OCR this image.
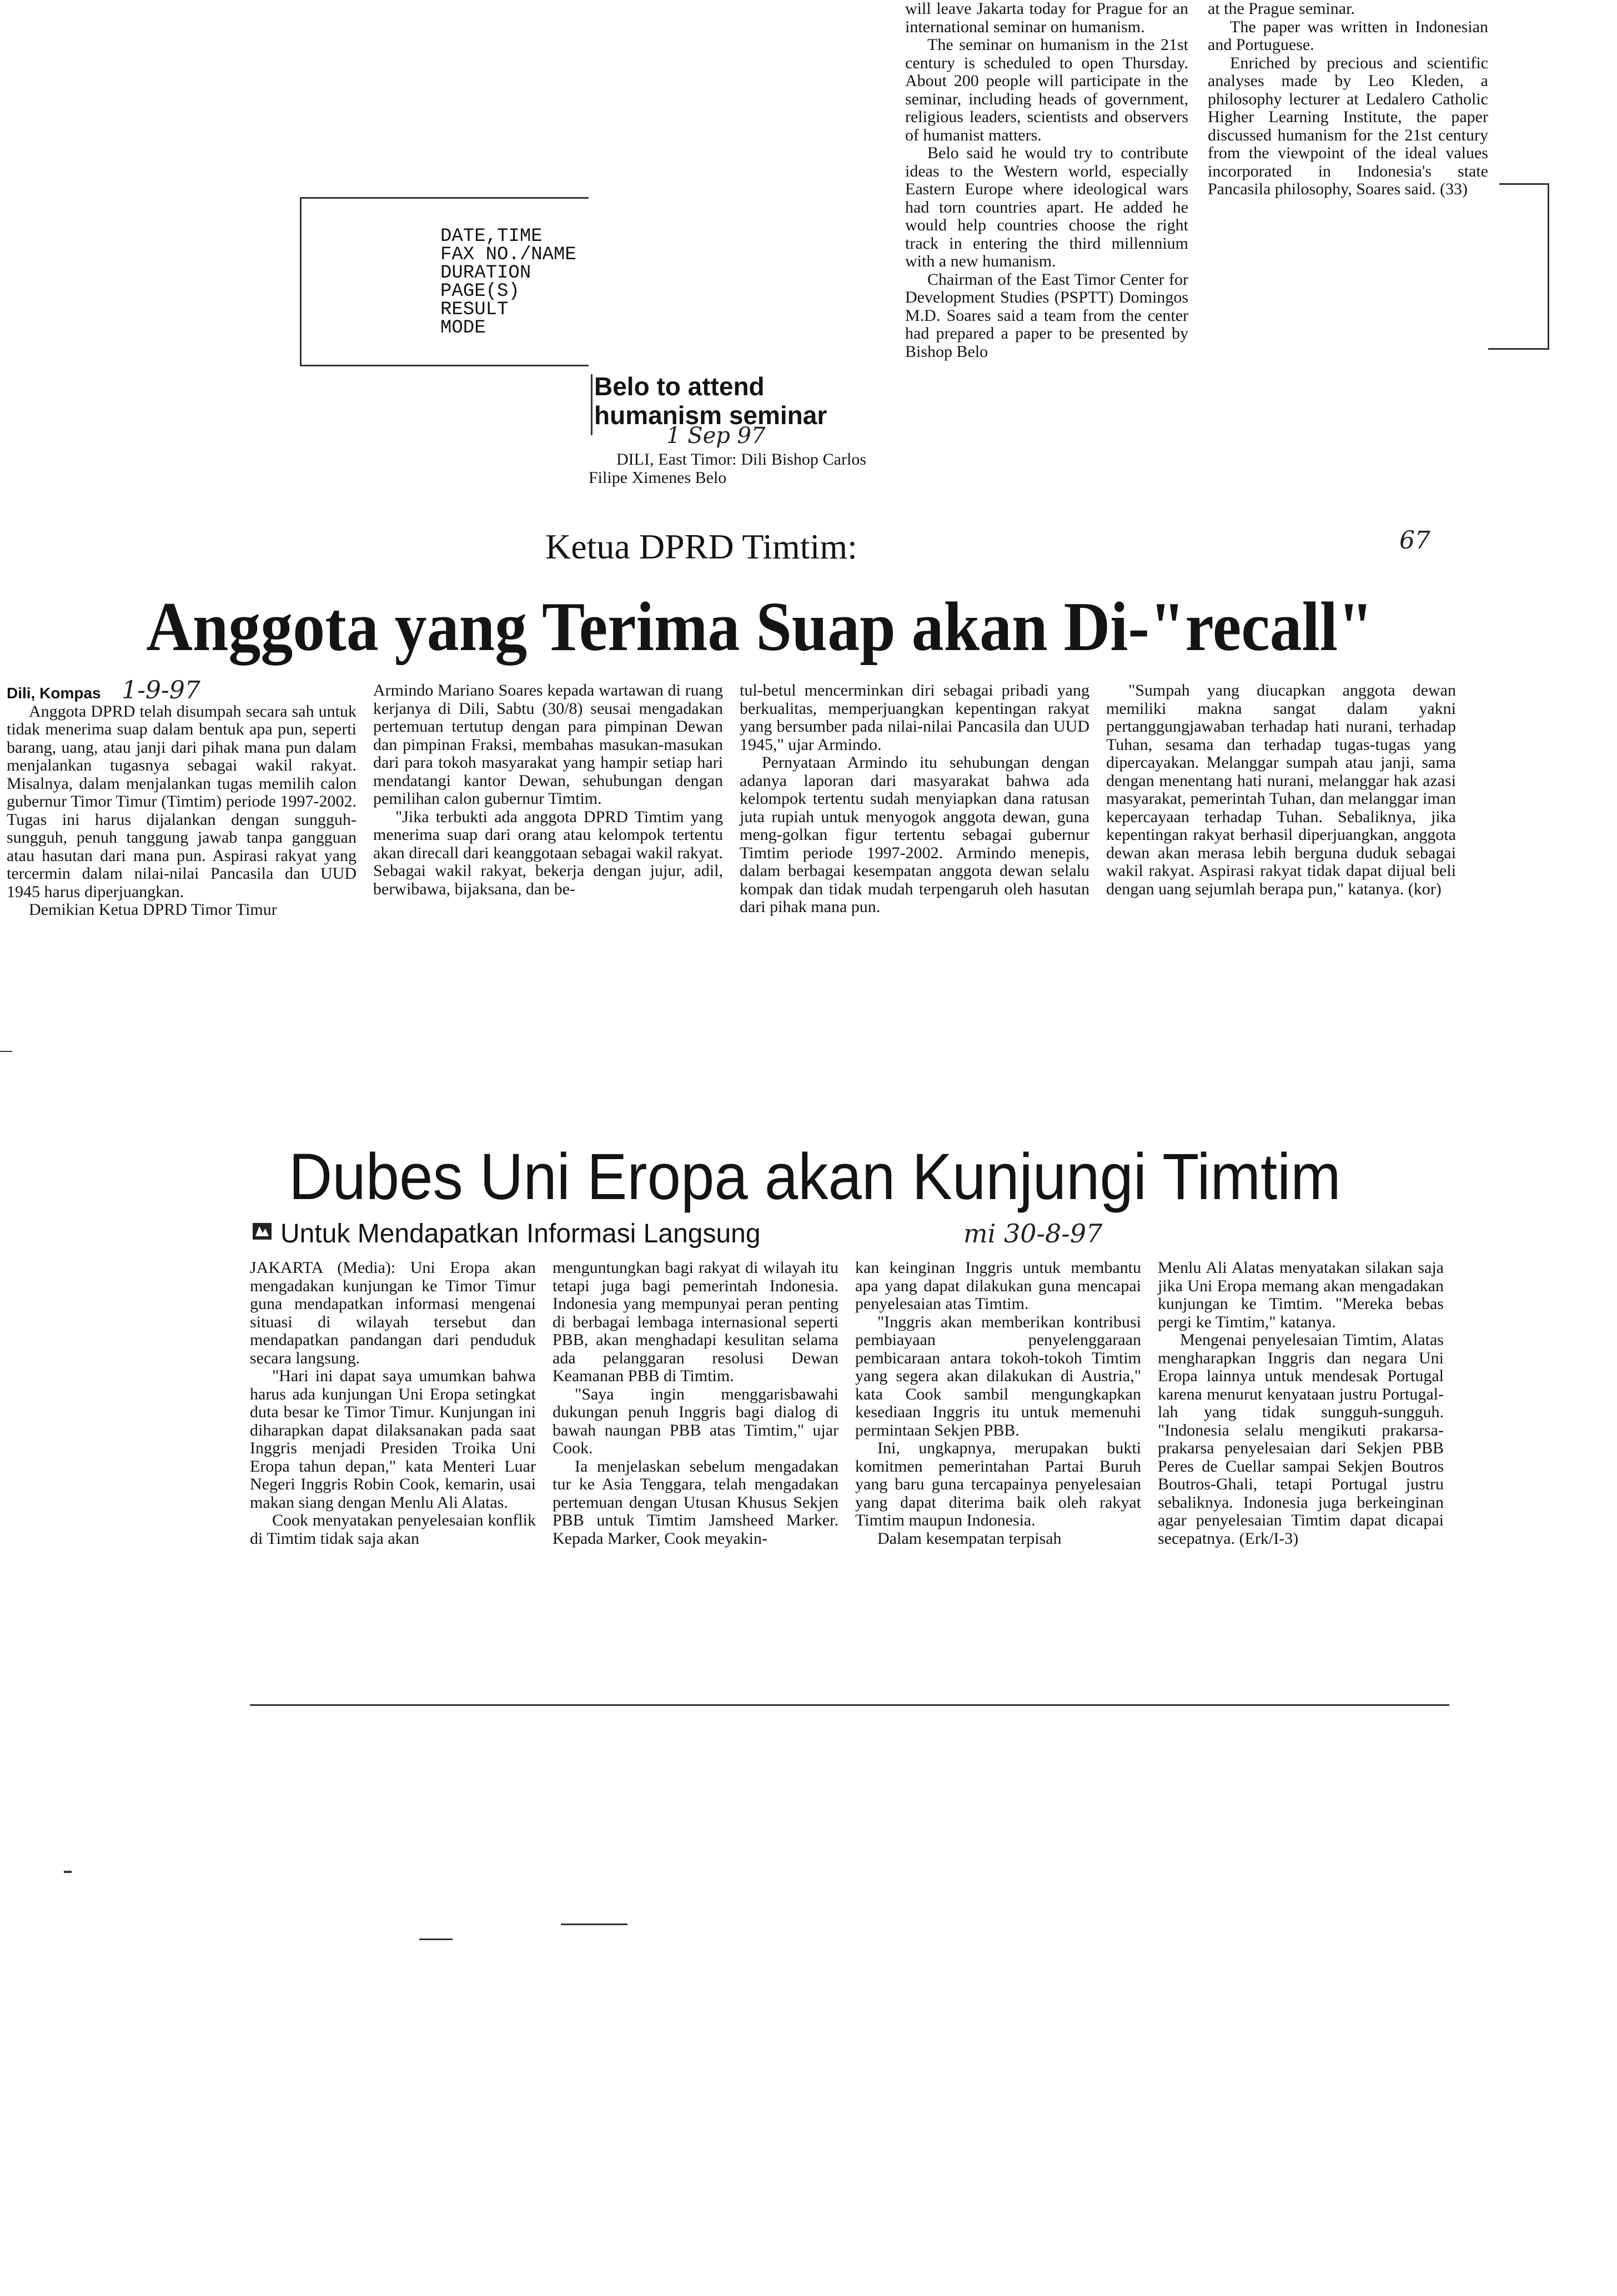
DATE,TIME
FAX NO./NAME
DURATION
PAGE(S)
RESULT
MODE
Belo to attend
humanism seminar
1 Sep 97

DILI, East Timor: Dili Bishop Carlos Filipe Ximenes Belo

will leave Jakarta today for Prague for an international seminar on humanism.

The seminar on humanism in the 21st century is scheduled to open Thursday. About 200 people will participate in the seminar, including heads of government, religious leaders, scientists and observers of humanist matters.

Belo said he would try to contribute ideas to the Western world, especially Eastern Europe where ideological wars had torn countries apart. He added he would help countries choose the right track in entering the third millennium with a new humanism.

Chairman of the East Timor Center for Development Studies (PSPTT) Domingos M.D. Soares said a team from the center had prepared a paper to be presented by Bishop Belo

at the Prague seminar.

The paper was written in Indonesian and Portuguese.

Enriched by precious and scientific analyses made by Leo Kleden, a philosophy lecturer at Ledalero Catholic Higher Learning Institute, the paper discussed humanism for the 21st century from the viewpoint of the ideal values incorporated in Indonesia's state Pancasila philosophy, Soares said. (33)

67
Ketua DPRD Timtim:
Anggota yang Terima Suap akan Di-"recall"

Dili, Kompas 1-9-97

Anggota DPRD telah disumpah secara sah untuk tidak menerima suap dalam bentuk apa pun, seperti barang, uang, atau janji dari pihak mana pun dalam menjalankan tugasnya sebagai wakil rakyat. Misalnya, dalam menjalankan tugas memilih calon gubernur Timor Timur (Timtim) periode 1997-2002. Tugas ini harus dijalankan dengan sungguh-sungguh, penuh tanggung jawab tanpa gangguan atau hasutan dari mana pun. Aspirasi rakyat yang tercermin dalam nilai-nilai Pancasila dan UUD 1945 harus diperjuangkan.

Demikian Ketua DPRD Timor Timur

Armindo Mariano Soares kepada wartawan di ruang kerjanya di Dili, Sabtu (30/8) seusai mengadakan pertemuan tertutup dengan para pimpinan Dewan dan pimpinan Fraksi, membahas masukan-masukan dari para tokoh masyarakat yang hampir setiap hari mendatangi kantor Dewan, sehubungan dengan pemilihan calon gubernur Timtim.

"Jika terbukti ada anggota DPRD Timtim yang menerima suap dari orang atau kelompok tertentu akan direcall dari keanggotaan sebagai wakil rakyat. Sebagai wakil rakyat, bekerja dengan jujur, adil, berwibawa, bijaksana, dan be-

tul-betul mencerminkan diri sebagai pribadi yang berkualitas, memperjuangkan kepentingan rakyat yang bersumber pada nilai-nilai Pancasila dan UUD 1945," ujar Armindo.

Pernyataan Armindo itu sehubungan dengan adanya laporan dari masyarakat bahwa ada kelompok tertentu sudah menyiapkan dana ratusan juta rupiah untuk menyogok anggota dewan, guna meng-golkan figur tertentu sebagai gubernur Timtim periode 1997-2002. Armindo menepis, dalam berbagai kesempatan anggota dewan selalu kompak dan tidak mudah terpengaruh oleh hasutan dari pihak mana pun.

"Sumpah yang diucapkan anggota dewan memiliki makna sangat dalam yakni pertanggungjawaban terhadap hati nurani, terhadap Tuhan, sesama dan terhadap tugas-tugas yang dipercayakan. Melanggar sumpah atau janji, sama dengan menentang hati nurani, melanggar hak azasi masyarakat, pemerintah Tuhan, dan melanggar iman kepercayaan terhadap Tuhan. Sebaliknya, jika kepentingan rakyat berhasil diperjuangkan, anggota dewan akan merasa lebih berguna duduk sebagai wakil rakyat. Aspirasi rakyat tidak dapat dijual beli dengan uang sejumlah berapa pun," katanya. (kor)

Dubes Uni Eropa akan Kunjungi Timtim
Untuk Mendapatkan Informasi Langsung	mi 30-8-97

JAKARTA (Media): Uni Eropa akan mengadakan kunjungan ke Timor Timur guna mendapatkan informasi mengenai situasi di wilayah tersebut dan mendapatkan pandangan dari penduduk secara langsung.

"Hari ini dapat saya umumkan bahwa harus ada kunjungan Uni Eropa setingkat duta besar ke Timor Timur. Kunjungan ini diharapkan dapat dilaksanakan pada saat Inggris menjadi Presiden Troika Uni Eropa tahun depan," kata Menteri Luar Negeri Inggris Robin Cook, kemarin, usai makan siang dengan Menlu Ali Alatas.

Cook menyatakan penyelesaian konflik di Timtim tidak saja akan

menguntungkan bagi rakyat di wilayah itu tetapi juga bagi pemerintah Indonesia. Indonesia yang mempunyai peran penting di berbagai lembaga internasional seperti PBB, akan menghadapi kesulitan selama ada pelanggaran resolusi Dewan Keamanan PBB di Timtim.

"Saya ingin menggarisbawahi dukungan penuh Inggris bagi dialog di bawah naungan PBB atas Timtim," ujar Cook.

Ia menjelaskan sebelum mengadakan tur ke Asia Tenggara, telah mengadakan pertemuan dengan Utusan Khusus Sekjen PBB untuk Timtim Jamsheed Marker. Kepada Marker, Cook meyakin-

kan keinginan Inggris untuk membantu apa yang dapat dilakukan guna mencapai penyelesaian atas Timtim.

"Inggris akan memberikan kontribusi pembiayaan penyelenggaraan pembicaraan antara tokoh-tokoh Timtim yang segera akan dilakukan di Austria," kata Cook sambil mengungkapkan kesediaan Inggris itu untuk memenuhi permintaan Sekjen PBB.

Ini, ungkapnya, merupakan bukti komitmen pemerintahan Partai Buruh yang baru guna tercapainya penyelesaian yang dapat diterima baik oleh rakyat Timtim maupun Indonesia.

Dalam kesempatan terpisah

Menlu Ali Alatas menyatakan silakan saja jika Uni Eropa memang akan mengadakan kunjungan ke Timtim. "Mereka bebas pergi ke Timtim," katanya.

Mengenai penyelesaian Timtim, Alatas mengharapkan Inggris dan negara Uni Eropa lainnya untuk mendesak Portugal karena menurut kenyataan justru Portugal-lah yang tidak sungguh-sungguh. "Indonesia selalu mengikuti prakarsa-prakarsa penyelesaian dari Sekjen PBB Peres de Cuellar sampai Sekjen Boutros Boutros-Ghali, tetapi Portugal justru sebaliknya. Indonesia juga berkeinginan agar penyelesaian Timtim dapat dicapai secepatnya. (Erk/I-3)
